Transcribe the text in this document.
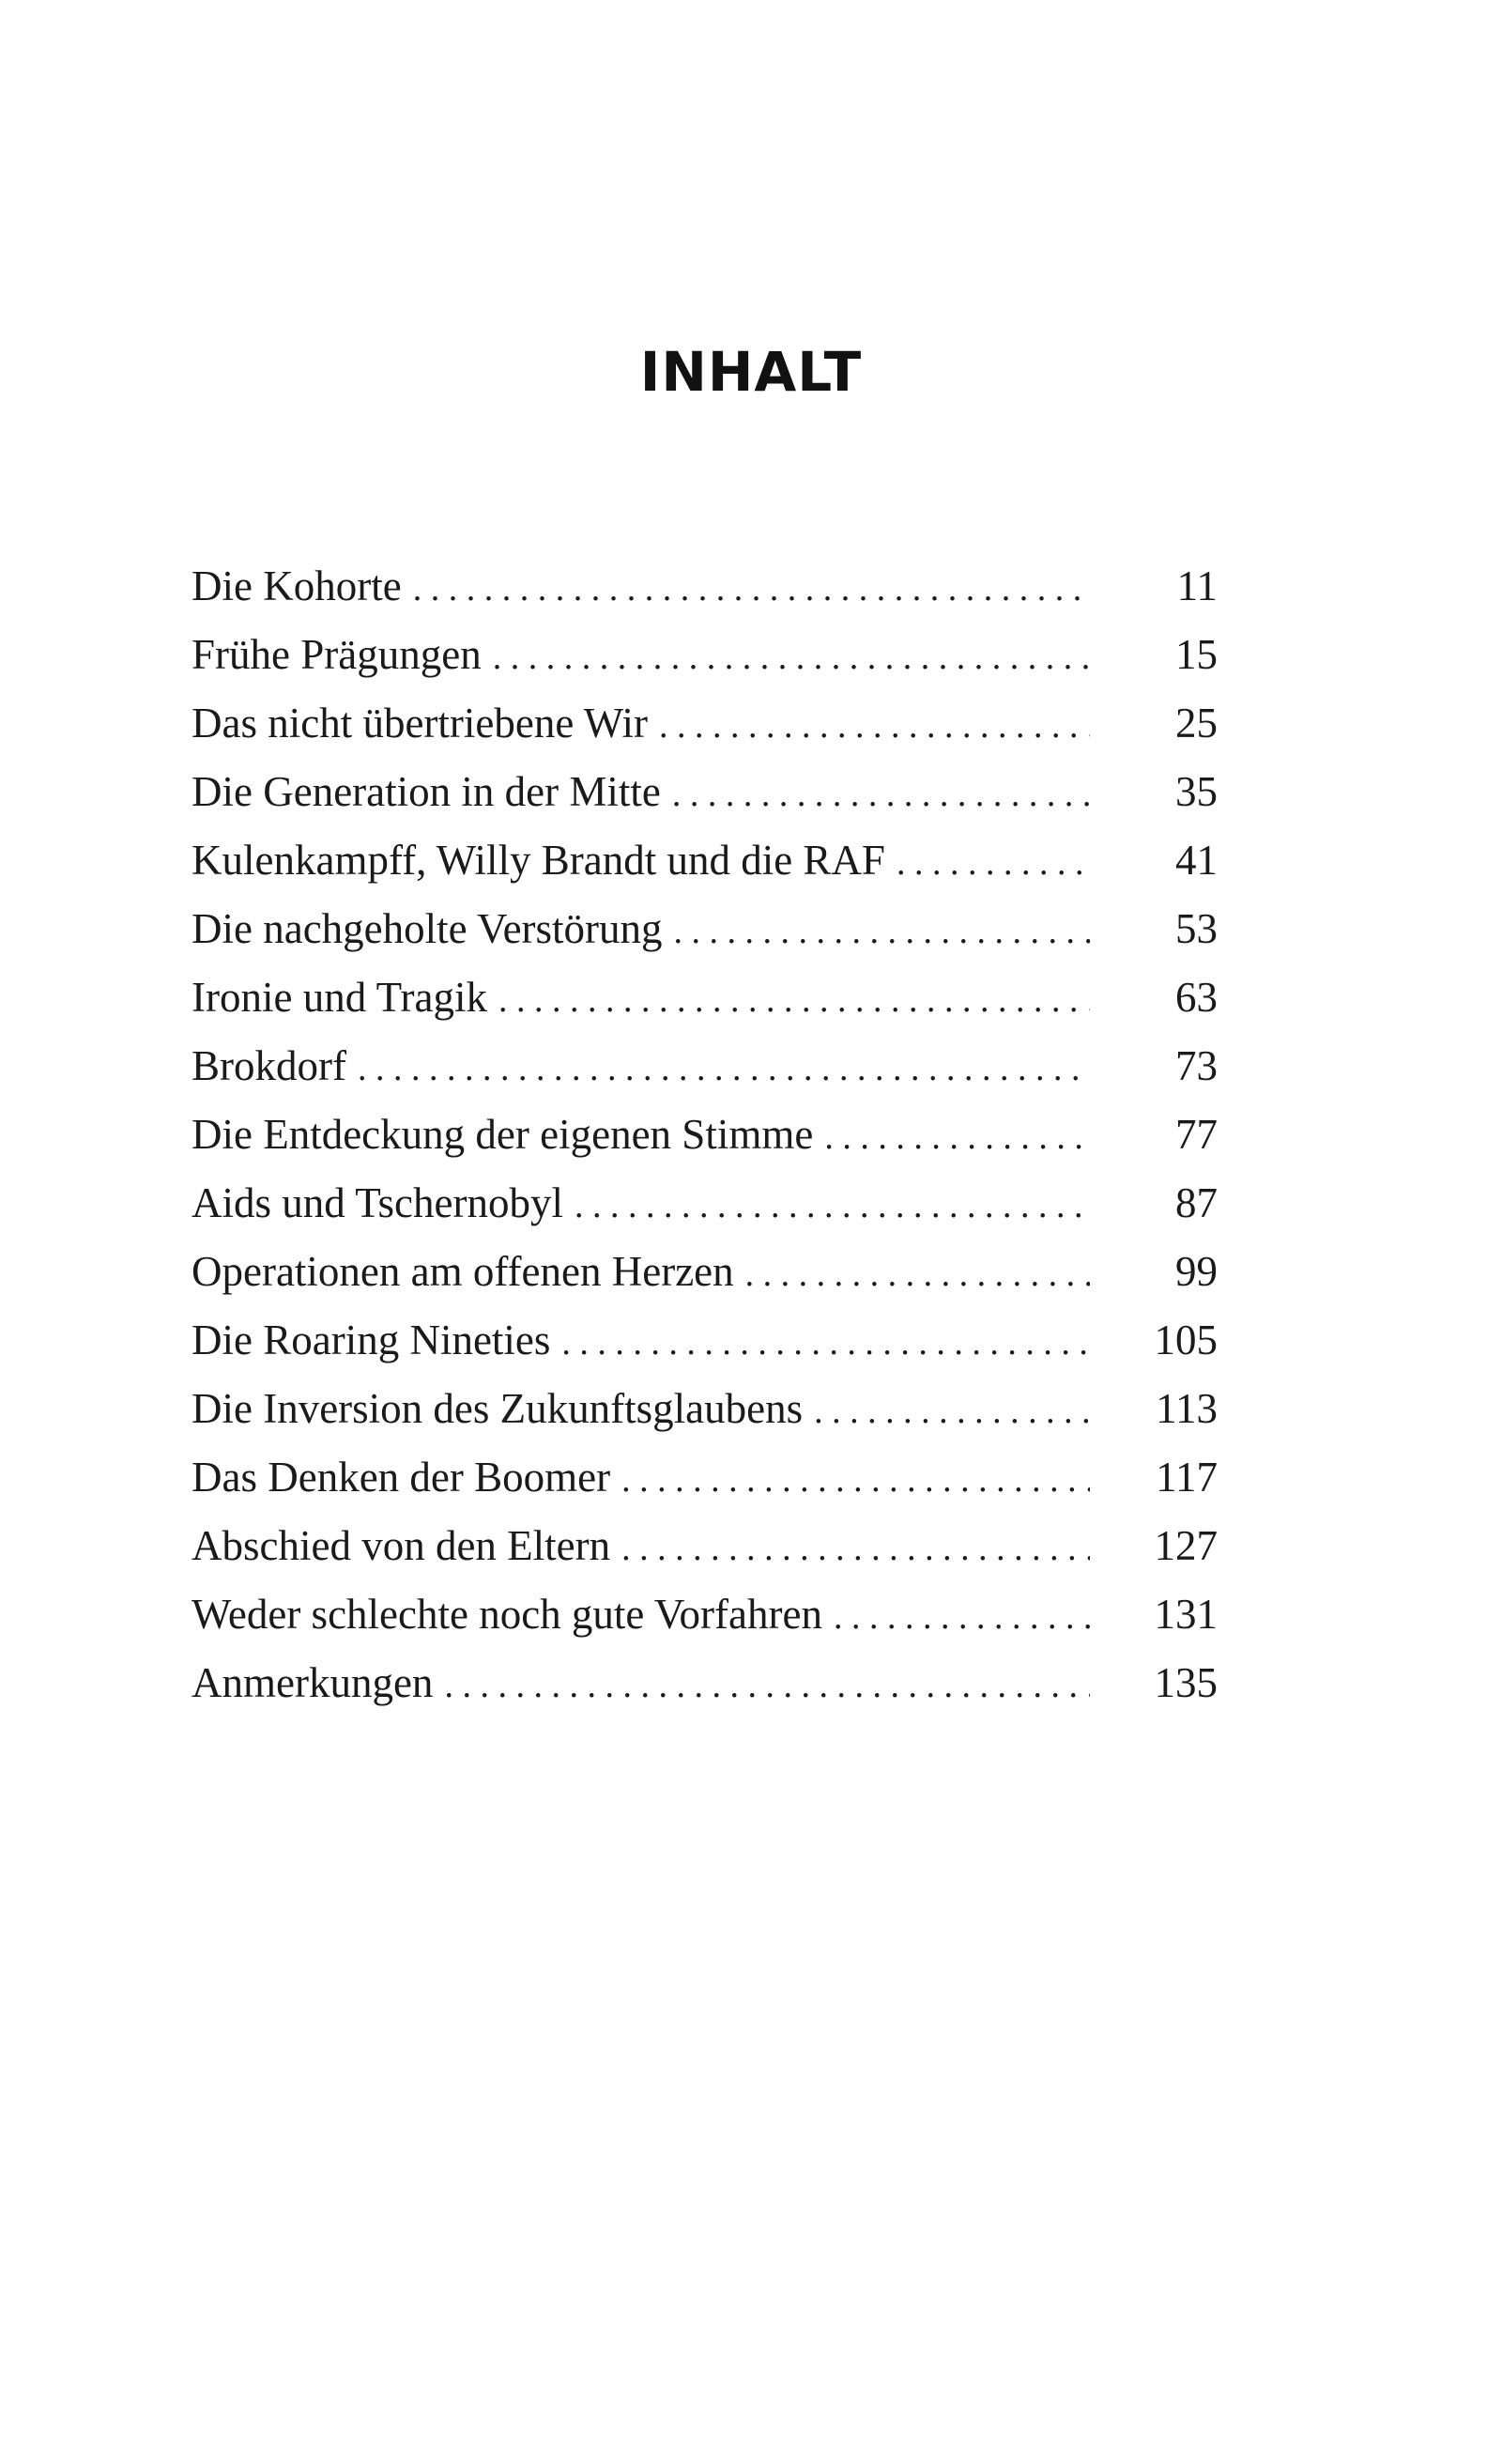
INHALT
Die Kohorte . . .	11
Frühe Prägungen . . .	15
Das nicht übertriebene Wir . . .	25
Die Generation in der Mitte . . .	35
Kulenkampff, Willy Brandt und die RAF . . .	41
Die nachgeholte Verstörung . . .	53
Ironie und Tragik . . .	63
Brokdorf . . .	73
Die Entdeckung der eigenen Stimme . . .	77
Aids und Tschernobyl . . .	87
Operationen am offenen Herzen . . .	99
Die Roaring Nineties . . .	105
Die Inversion des Zukunftsglaubens . . .	113
Das Denken der Boomer . . .	117
Abschied von den Eltern . . .	127
Weder schlechte noch gute Vorfahren . . .	131
Anmerkungen . . .	135
